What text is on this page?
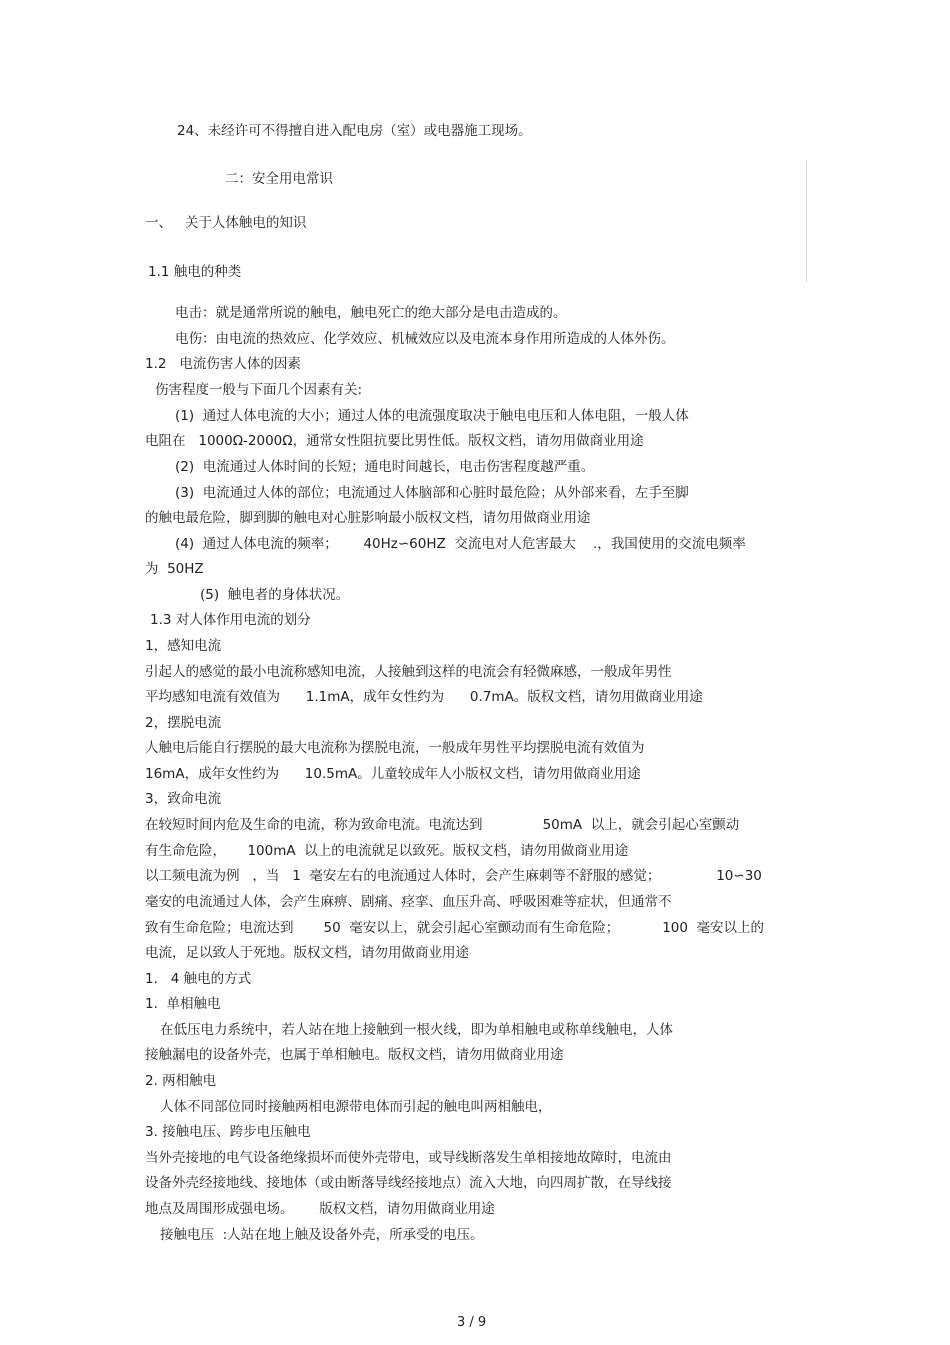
24、未经许可不得擅自进入配电房（室）或电器施工现场。
二：安全用电常识
一、   关于人体触电的知识
1.1 触电的种类
电击：就是通常所说的触电，触电死亡的绝大部分是电击造成的。
电伤：由电流的热效应、化学效应、机械效应以及电流本身作用所造成的人体外伤。
1.2   电流伤害人体的因素
伤害程度一般与下面几个因素有关:
(1)  通过人体电流的大小；通过人体的电流强度取决于触电电压和人体电阻，一般人体
电阻在   1000Ω-2000Ω，通常女性阻抗要比男性低。版权文档，请勿用做商业用途
(2)  电流通过人体时间的长短；通电时间越长，电击伤害程度越严重。
(3)  电流通过人体的部位；电流通过人体脑部和心脏时最危险；从外部来看，左手至脚
的触电最危险，脚到脚的触电对心脏影响最小版权文档，请勿用做商业用途
(4)  通过人体电流的频率；      40Hz∽60HZ  交流电对人危害最大    .，我国使用的交流电频率
为  50HZ
(5)  触电者的身体状况。
1.3 对人体作用电流的划分
1，感知电流
引起人的感觉的最小电流称感知电流，人接触到这样的电流会有轻微麻感，一般成年男性
平均感知电流有效值为      1.1mA，成年女性约为      0.7mA。版权文档，请勿用做商业用途
2，摆脱电流
人触电后能自行摆脱的最大电流称为摆脱电流，一般成年男性平均摆脱电流有效值为
16mA，成年女性约为      10.5mA。儿童较成年人小版权文档，请勿用做商业用途
3，致命电流
在较短时间内危及生命的电流，称为致命电流。电流达到              50mA  以上，就会引起心室颤动
有生命危险，     100mA  以上的电流就足以致死。版权文档，请勿用做商业用途
以工频电流为例   ，当   1  毫安左右的电流通过人体时，会产生麻刺等不舒服的感觉；             10∽30
毫安的电流通过人体，会产生麻痹、剧痛、痉挛、血压升高、呼吸困难等症状，但通常不
致有生命危险；电流达到       50  毫安以上，就会引起心室颤动而有生命危险；          100  毫安以上的
电流，足以致人于死地。版权文档，请勿用做商业用途
1.   4 触电的方式
1.  单相触电
在低压电力系统中，若人站在地上接触到一根火线，即为单相触电或称单线触电，人体
接触漏电的设备外壳，也属于单相触电。版权文档，请勿用做商业用途
2. 两相触电
人体不同部位同时接触两相电源带电体而引起的触电叫两相触电，
3. 接触电压、跨步电压触电
当外壳接地的电气设备绝缘损坏而使外壳带电，或导线断落发生单相接地故障时，电流由
设备外壳经接地线、接地体（或由断落导线经接地点）流入大地，向四周扩散，在导线接
地点及周围形成强电场。      版权文档，请勿用做商业用途
接触电压  :人站在地上触及设备外壳，所承受的电压。
3 / 9
